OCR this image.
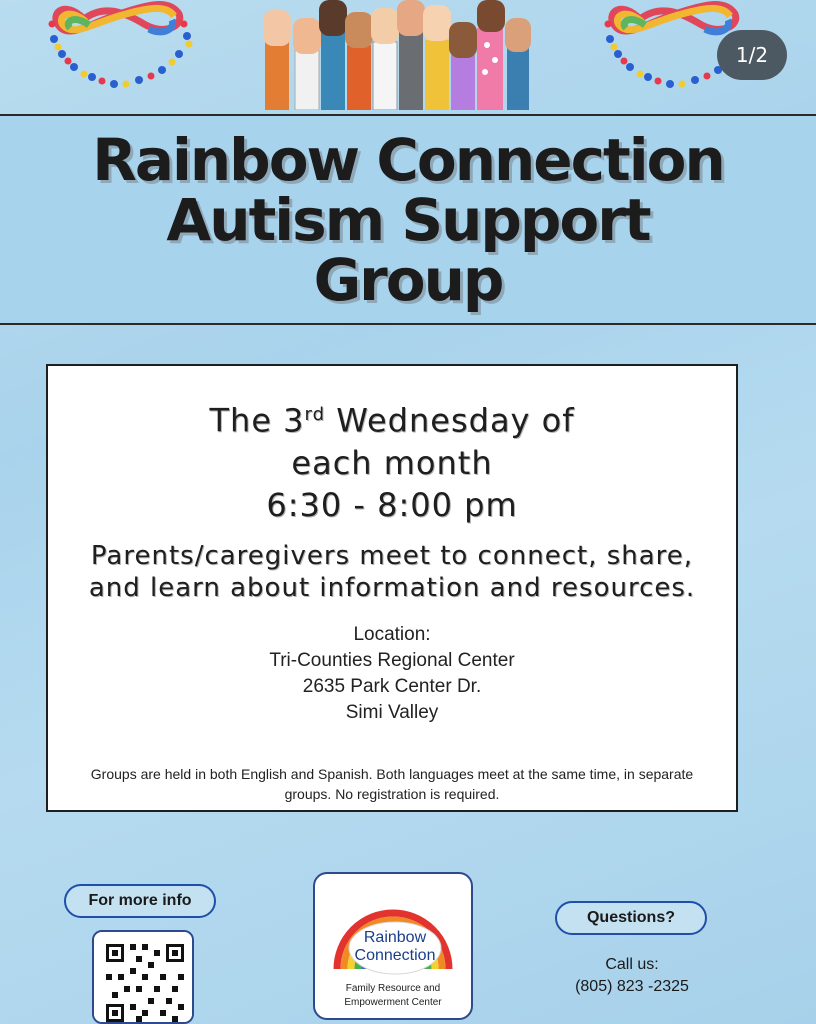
1/2
Rainbow Connection
Autism Support
Group
The 3rd Wednesday of
each month
6:30 - 8:00 pm
Parents/caregivers meet to connect, share, and learn about information and resources.
Location:
Tri-Counties Regional Center
2635 Park Center Dr.
Simi Valley
Groups are held in both English and Spanish. Both languages meet at the same time, in separate groups. No registration is required.
For more info
Rainbow
Connection
Family Resource and
Empowerment Center
Questions?
Call us:
(805) 823 -2325
